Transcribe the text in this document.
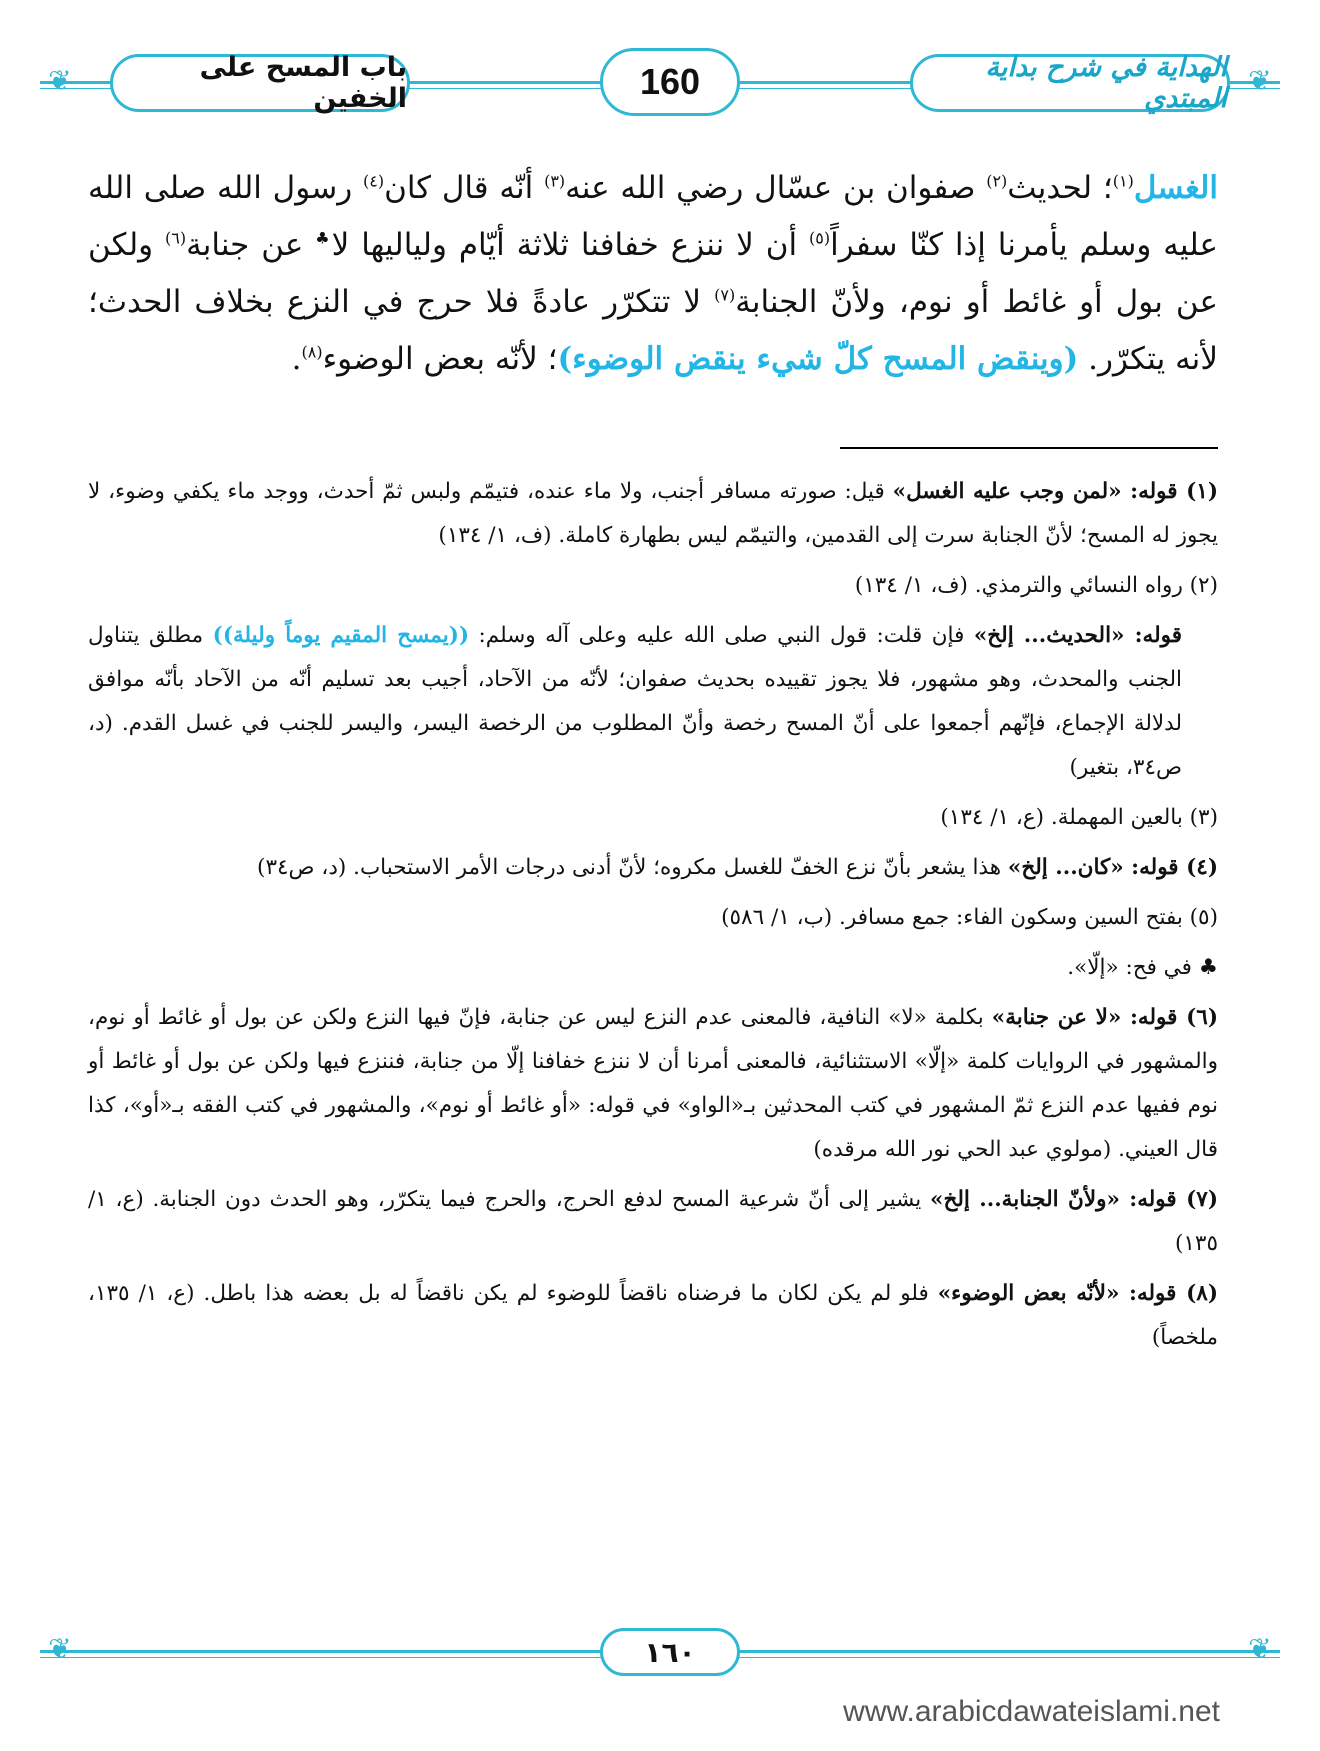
❦	❦
باب المسح على الخفين	160	الهداية في شرح بداية المبتدي

الغسل$^{(١)}$؛ لحديث$^{(٢)}$ صفوان بن عسّال رضي الله عنه$^{(٣)}$ أنّه قال كان$^{(٤)}$ رسول الله صلى الله عليه وسلم يأمرنا إذا كنّا سفراً$^{(٥)}$ أن لا ننزع خفافنا ثلاثة أيّام ولياليها لا♣ عن جنابة$^{(٦)}$ ولكن عن بول أو غائط أو نوم، ولأنّ الجنابة$^{(٧)}$ لا تتكرّر عادةً فلا حرج في النزع بخلاف الحدث؛ لأنه يتكرّر. (وينقض المسح كلّ شيء ينقض الوضوء)؛ لأنّه بعض الوضوء$^{(٨)}$.

(١) قوله: «لمن وجب عليه الغسل» قيل: صورته مسافر أجنب، ولا ماء عنده، فتيمّم ولبس ثمّ أحدث، ووجد ماء يكفي وضوء، لا يجوز له المسح؛ لأنّ الجنابة سرت إلى القدمين، والتيمّم ليس بطهارة كاملة. (ف، ١/ ١٣٤)

(٢) رواه النسائي والترمذي. (ف، ١/ ١٣٤)

قوله: «الحديث... إلخ» فإن قلت: قول النبي صلى الله عليه وعلى آله وسلم: ((يمسح المقيم يوماً وليلة)) مطلق يتناول الجنب والمحدث، وهو مشهور، فلا يجوز تقييده بحديث صفوان؛ لأنّه من الآحاد، أجيب بعد تسليم أنّه من الآحاد بأنّه موافق لدلالة الإجماع، فإنّهم أجمعوا على أنّ المسح رخصة وأنّ المطلوب من الرخصة اليسر، واليسر للجنب في غسل القدم. (د، ص٣٤، بتغير)

(٣) بالعين المهملة. (ع، ١/ ١٣٤)

(٤) قوله: «كان... إلخ» هذا يشعر بأنّ نزع الخفّ للغسل مكروه؛ لأنّ أدنى درجات الأمر الاستحباب. (د، ص٣٤)

(٥) بفتح السين وسكون الفاء: جمع مسافر. (ب، ١/ ٥٨٦)

♣ في فح: «إلّا».

(٦) قوله: «لا عن جنابة» بكلمة «لا» النافية، فالمعنى عدم النزع ليس عن جنابة، فإنّ فيها النزع ولكن عن بول أو غائط أو نوم، والمشهور في الروايات كلمة «إلّا» الاستثنائية، فالمعنى أمرنا أن لا ننزع خفافنا إلّا من جنابة، فننزع فيها ولكن عن بول أو غائط أو نوم ففيها عدم النزع ثمّ المشهور في كتب المحدثين بـ«الواو» في قوله: «أو غائط أو نوم»، والمشهور في كتب الفقه بـ«أو»، كذا قال العيني. (مولوي عبد الحي نور الله مرقده)

(٧) قوله: «ولأنّ الجنابة... إلخ» يشير إلى أنّ شرعية المسح لدفع الحرج، والحرج فيما يتكرّر، وهو الحدث دون الجنابة. (ع، ١/ ١٣٥)

(٨) قوله: «لأنّه بعض الوضوء» فلو لم يكن لكان ما فرضناه ناقضاً للوضوء لم يكن ناقضاً له بل بعضه هذا باطل. (ع، ١/ ١٣٥، ملخصاً)

❦	❦
١٦٠
www.arabicdawateislami.net
